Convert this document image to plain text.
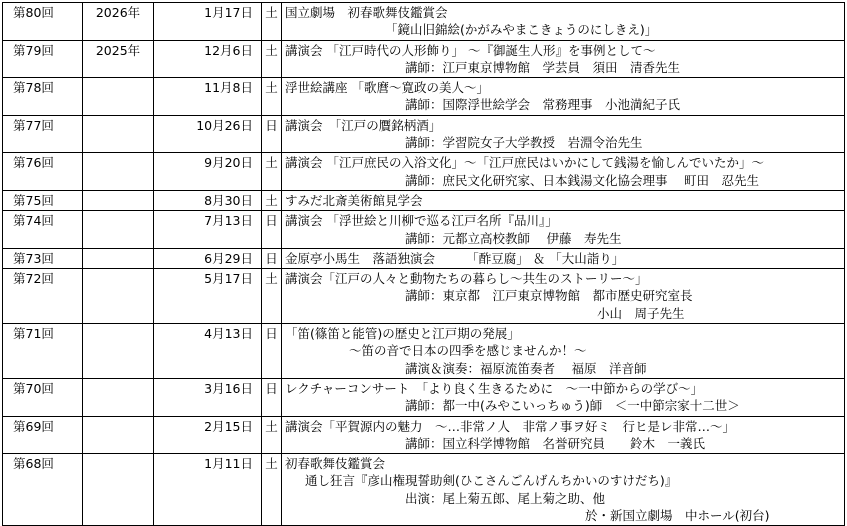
第80回	2026年	1月17日	土	国立劇場　初春歌舞伎鑑賞会
「鏡山旧錦絵(かがみやまこきょうのにしきえ)」

第79回	2025年	12月6日	土	講演会 「江戸時代の人形飾り」 ～『御誕生人形』を事例として～
講師：江戸東京博物館　学芸員　須田　清香先生

第78回		11月8日	土	浮世絵講座 「歌麿～寛政の美人～」
講師：国際浮世絵学会　常務理事　小池満紀子氏

第77回		10月26日	日	講演会　「江戸の贋銘柄酒」
講師：学習院女子大学教授　岩淵令治先生

第76回		9月20日	土	講演会 「江戸庶民の入浴文化」～「江戸庶民はいかにして銭湯を愉しんでいたか」～
講師：庶民文化研究家、日本銭湯文化協会理事　 町田　忍先生

第75回		8月30日	土	すみだ北斎美術館見学会

第74回		7月13日	日	講演会 「浮世絵と川柳で巡る江戸名所『品川』」
講師：元都立高校教師　 伊藤　寿先生

第73回		6月29日	日	金原亭小馬生　落語独演会　　　「酢豆腐」 ＆ 「大山詣り」

第72回		5月17日	土	講演会「江戸の人々と動物たちの暮らし～共生のストーリー～」
講師：東京都　江戸東京博物館　都市歴史研究室長
小山　周子先生

第71回		4月13日	日	「笛(篠笛と能管)の歴史と江戸期の発展」
～笛の音で日本の四季を感じませんか！～
講演＆演奏：福原流笛奏者　 福原　洋音師

第70回		3月16日	日	レクチャーコンサート　「より良く生きるために　～一中節からの学び～」
講師：都一中(みやこいっちゅう)師　＜一中節宗家十二世＞

第69回		2月15日	土	講演会「平賀源内の魅力　～…非常ノ人　非常ノ事ヲ好ミ　行ヒ是レ非常…～」
講師：国立科学博物館　名誉研究員　　鈴木　一義氏

第68回		1月11日	土	初春歌舞伎鑑賞会
通し狂言『彦山権現誓助剣(ひこさんごんげんちかいのすけだち)』
出演：尾上菊五郎、尾上菊之助、他
於・新国立劇場　中ホール(初台)
